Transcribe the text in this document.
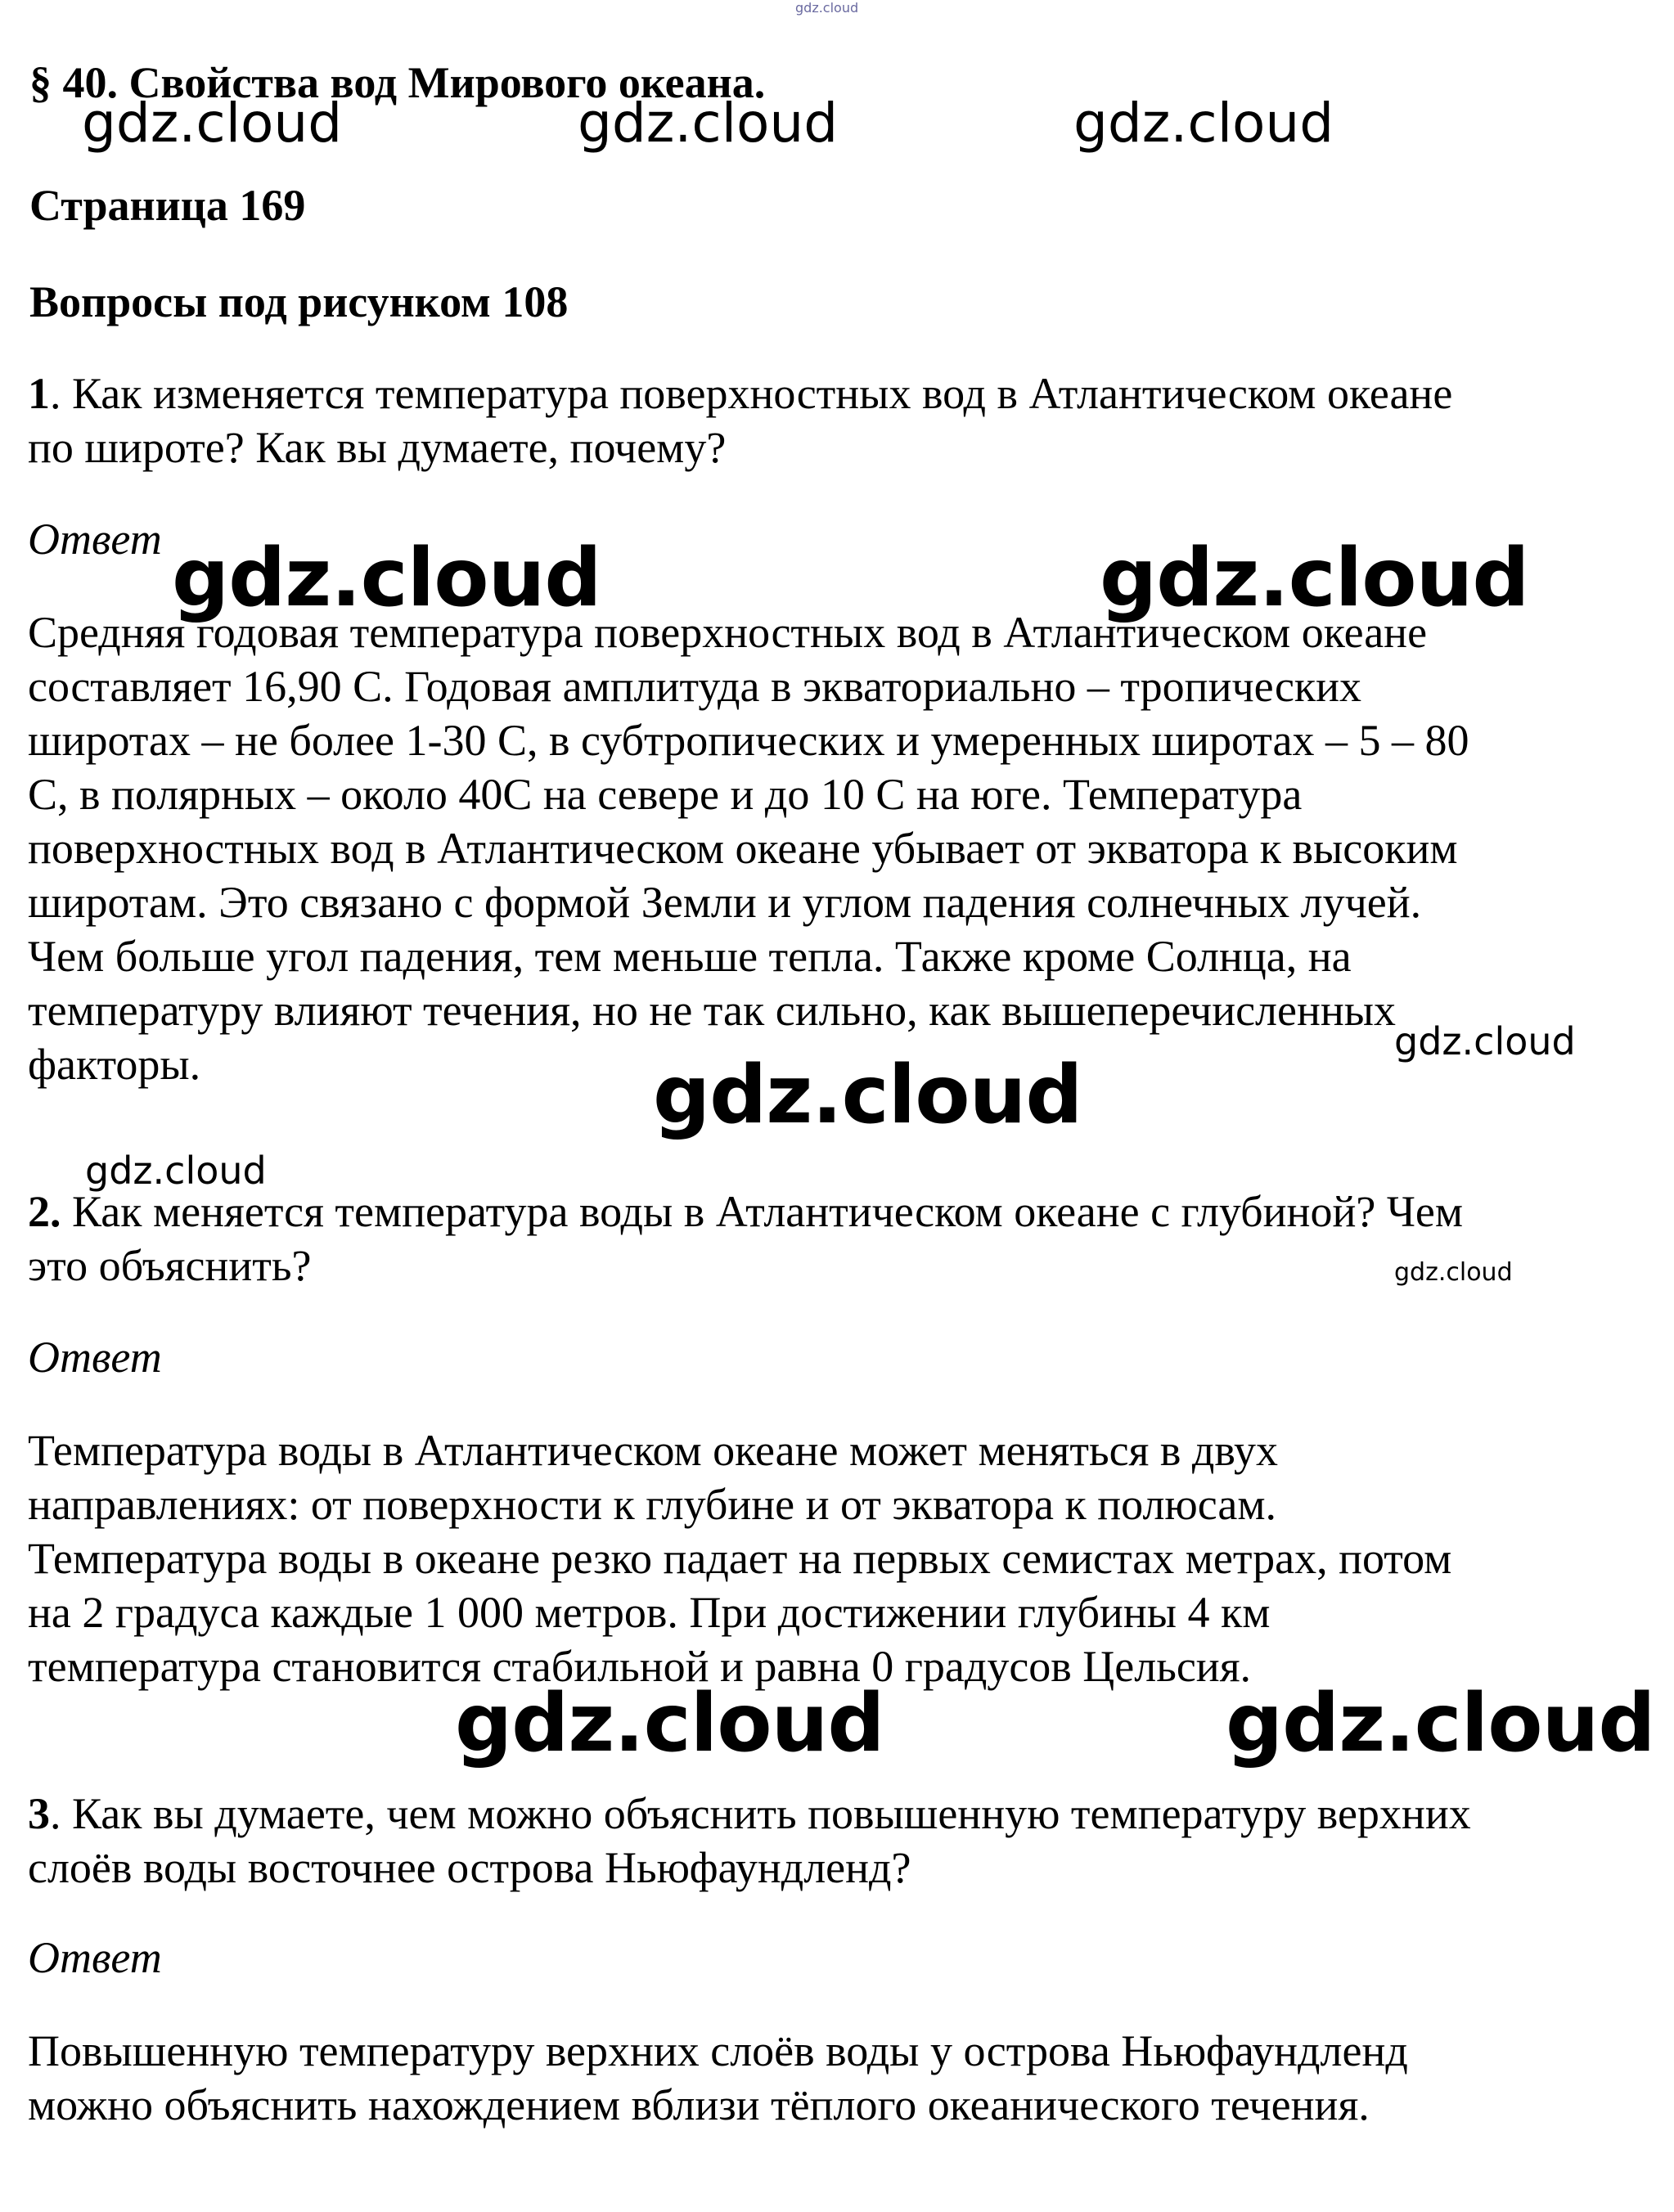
gdz.cloud
§ 40. Свойства вод Мирового океана.
gdz.cloud	gdz.cloud	gdz.cloud
Страница 169
Вопросы под рисунком 108
1. Как изменяется температура поверхностных вод в Атлантическом океане
по широте? Как вы думаете, почему?
Ответ gdz.cloud	gdz.cloud
Средняя годовая температура поверхностных вод в Атлантическом океане
составляет 16,90 С. Годовая амплитуда в экваториально – тропических
широтах – не более 1-30 С, в субтропических и умеренных широтах – 5 – 80
С, в полярных – около 40С на севере и до 10 С на юге. Температура
поверхностных вод в Атлантическом океане убывает от экватора к высоким
широтам. Это связано с формой Земли и углом падения солнечных лучей.
Чем больше угол падения, тем меньше тепла. Также кроме Солнца, на
температуру влияют течения, но не так сильно, как вышеперечисленных
факторы.	gdz.cloud
gdz.cloud
gdz.cloud
2. Как меняется температура воды в Атлантическом океане с глубиной? Чем
это объяснить?	gdz.cloud
Ответ
Температура воды в Атлантическом океане может меняться в двух
направлениях: от поверхности к глубине и от экватора к полюсам.
Температура воды в океане резко падает на первых семистах метрах, потом
на 2 градуса каждые 1 000 метров. При достижении глубины 4 км
температура становится стабильной и равна 0 градусов Цельсия.
gdz.cloud	gdz.cloud
3. Как вы думаете, чем можно объяснить повышенную температуру верхних
слоёв воды восточнее острова Ньюфаундленд?
Ответ
Повышенную температуру верхних слоёв воды у острова Ньюфаундленд
можно объяснить нахождением вблизи тёплого океанического течения.
